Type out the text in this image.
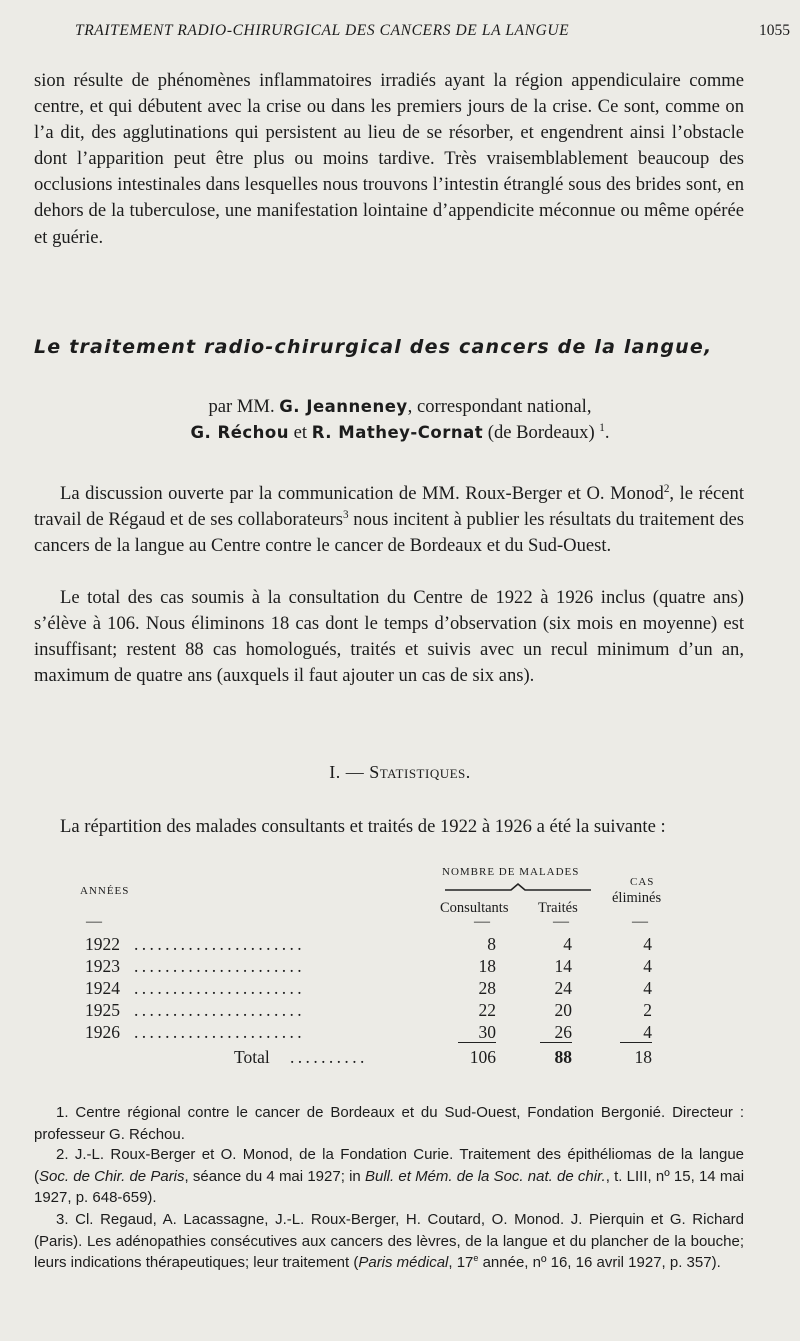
TRAITEMENT RADIO-CHIRURGICAL DES CANCERS DE LA LANGUE	1055

sion résulte de phénomènes inflammatoires irradiés ayant la région appendiculaire comme centre, et qui débutent avec la crise ou dans les premiers jours de la crise. Ce sont, comme on l’a dit, des agglutinations qui persistent au lieu de se résorber, et engendrent ainsi l’obstacle dont l’apparition peut être plus ou moins tardive. Très vraisemblablement beaucoup des occlusions intestinales dans lesquelles nous trouvons l’intestin étranglé sous des brides sont, en dehors de la tuberculose, une manifestation lointaine d’appendicite méconnue ou même opérée et guérie.

Le traitement radio-chirurgical des cancers de la langue,
par MM. G. Jeanneney, correspondant national,
G. Réchou et R. Mathey-Cornat (de Bordeaux) $^1$.

La discussion ouverte par la communication de MM. Roux-Berger et O. Monod$^2$, le récent travail de Régaud et de ses collaborateurs$^3$ nous incitent à publier les résultats du traitement des cancers de la langue au Centre contre le cancer de Bordeaux et du Sud-Ouest.

Le total des cas soumis à la consultation du Centre de 1922 à 1926 inclus (quatre ans) s’élève à 106. Nous éliminons 18 cas dont le temps d’observation (six mois en moyenne) est insuffisant; restent 88 cas homologués, traités et suivis avec un recul minimum d’un an, maximum de quatre ans (auxquels il faut ajouter un cas de six ans).

I. — Statistiques.

La répartition des malades consultants et traités de 1922 à 1926 a été la suivante :

ANNÉES
NOMBRE DE MALADES
Consultants Traités
CAS
éliminés
—	—	—	—
1922 ......................	8	4	4
1923 ......................	18	14	4
1924 ......................	28	24	4
1925 ......................	22	20	2
1926 ......................	30	26	4
Total ..........	106	88	18

1. Centre régional contre le cancer de Bordeaux et du Sud-Ouest, Fondation Bergonié. Directeur : professeur G. Réchou.

2. J.-L. Roux-Berger et O. Monod, de la Fondation Curie. Traitement des épithéliomas de la langue (Soc. de Chir. de Paris, séance du 4 mai 1927; in Bull. et Mém. de la Soc. nat. de chir., t. LIII, nº 15, 14 mai 1927, p. 648-659).

3. Cl. Regaud, A. Lacassagne, J.-L. Roux-Berger, H. Coutard, O. Monod. J. Pierquin et G. Richard (Paris). Les adénopathies consécutives aux cancers des lèvres, de la langue et du plancher de la bouche; leurs indications thérapeutiques; leur traitement (Paris médical, 17e année, nº 16, 16 avril 1927, p. 357).
